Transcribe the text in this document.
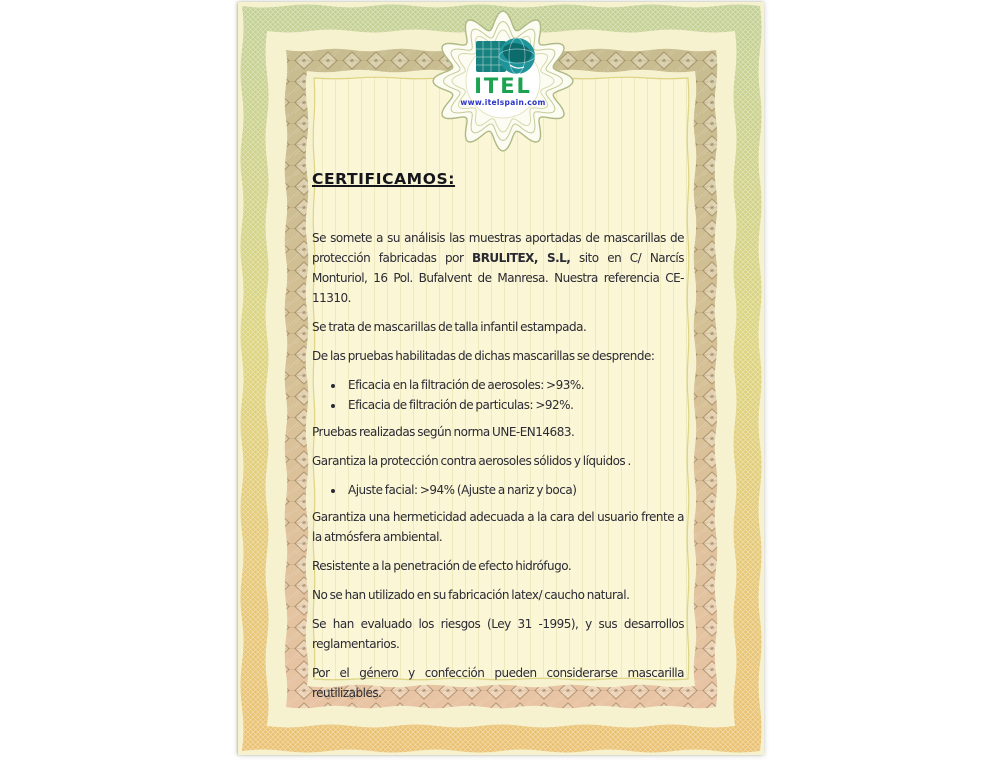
ITEL
www.itelspain.com
CERTIFICAMOS:

Se somete a su análisis las muestras aportadas de mascarillas de protección fabricadas por BRULITEX, S.L, sito en C/ Narcís Monturiol, 16 Pol. Bufalvent de Manresa. Nuestra referencia CE-11310.

Se trata de mascarillas de talla infantil estampada.

De las pruebas habilitadas de dichas mascarillas se desprende:

• Eficacia en la filtración de aerosoles: >93%.
• Eficacia de filtración de particulas: >92%.

Pruebas realizadas según norma UNE-EN14683.

Garantiza la protección contra aerosoles sólidos y líquidos .

• Ajuste facial: >94% (Ajuste a nariz y boca)

Garantiza una hermeticidad adecuada a la cara del usuario frente a la atmósfera ambiental.

Resistente a la penetración de efecto hidrófugo.

No se han utilizado en su fabricación latex/ caucho natural.

Se han evaluado los riesgos (Ley 31 -1995), y sus desarrollos reglamentarios.

Por el género y confección pueden considerarse mascarilla reutilizables.
